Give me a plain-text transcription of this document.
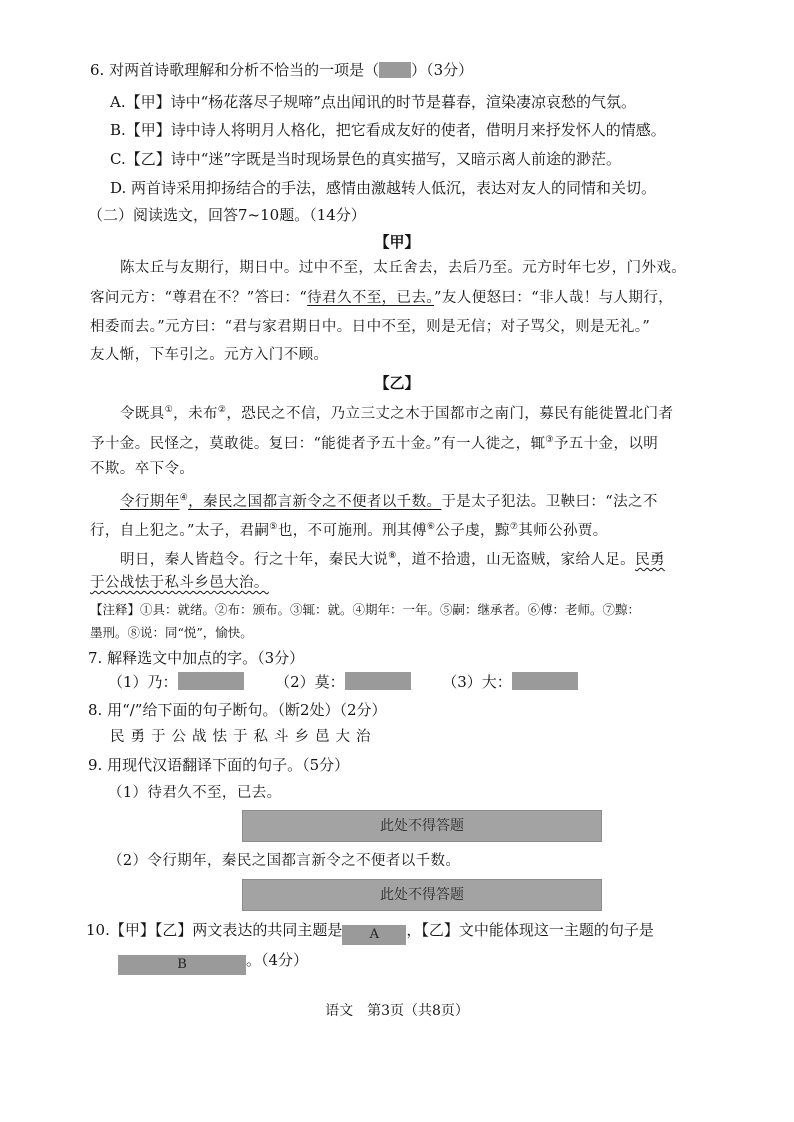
6. 对两首诗歌理解和分析不恰当的一项是（ ）（3分）
A.【甲】诗中“杨花落尽子规啼”点出闻讯的时节是暮春，渲染凄凉哀愁的气氛。
B.【甲】诗中诗人将明月人格化，把它看成友好的使者，借明月来抒发怀人的情感。
C.【乙】诗中“迷”字既是当时现场景色的真实描写，又暗示离人前途的渺茫。
D. 两首诗采用抑扬结合的手法，感情由激越转人低沉，表达对友人的同情和关切。
（二）阅读选文，回答7~10题。（14分）
【甲】
陈太丘与友期行，期日中。过中不至，太丘舍去，去后乃至。元方时年七岁，门外戏。
客问元方：“尊君在不？”答曰：“待君久不至，已去。”友人便怒曰：“非人哉！与人期行，
相委而去。”元方曰：“君与家君期日中。日中不至，则是无信；对子骂父，则是无礼。”
友人惭，下车引之。元方入门不顾。
【乙】
令既具①，未布②，恐民之不信，乃立三丈之木于国都市之南门，募民有能徙置北门者
予十金。民怪之，莫敢徙。复曰：“能徙者予五十金。”有一人徙之，辄③予五十金，以明
不欺。卒下令。
令行期年④，秦民之国都言新令之不便者以千数。于是太子犯法。卫鞅曰：“法之不
行，自上犯之。”太子，君嗣⑤也，不可施刑。刑其傅⑥公子虔，黥⑦其师公孙贾。
明日，秦人皆趋令。行之十年，秦民大说⑧，道不拾遗，山无盗贼，家给人足。民勇
于公战怯于私斗乡邑大治。
【注释】①具：就绪。②布：颁布。③辄：就。④期年：一年。⑤嗣：继承者。⑥傅：老师。⑦黥：
墨刑。⑧说：同“悦”，愉快。
7. 解释选文中加点的字。（3分）
（1）乃：	（2）莫：	（3）大：
8. 用“/”给下面的句子断句。（断2处）（2分）
民勇于公战怯于私斗乡邑大治
9. 用现代汉语翻译下面的句子。（5分）
（1）待君久不至，已去。
此处不得答题
（2）令行期年，秦民之国都言新令之不便者以千数。
此处不得答题
10.【甲】【乙】两文表达的共同主题是 A ，【乙】文中能体现这一主题的句子是
B	。（4分）
语文　第3页（共8页）
